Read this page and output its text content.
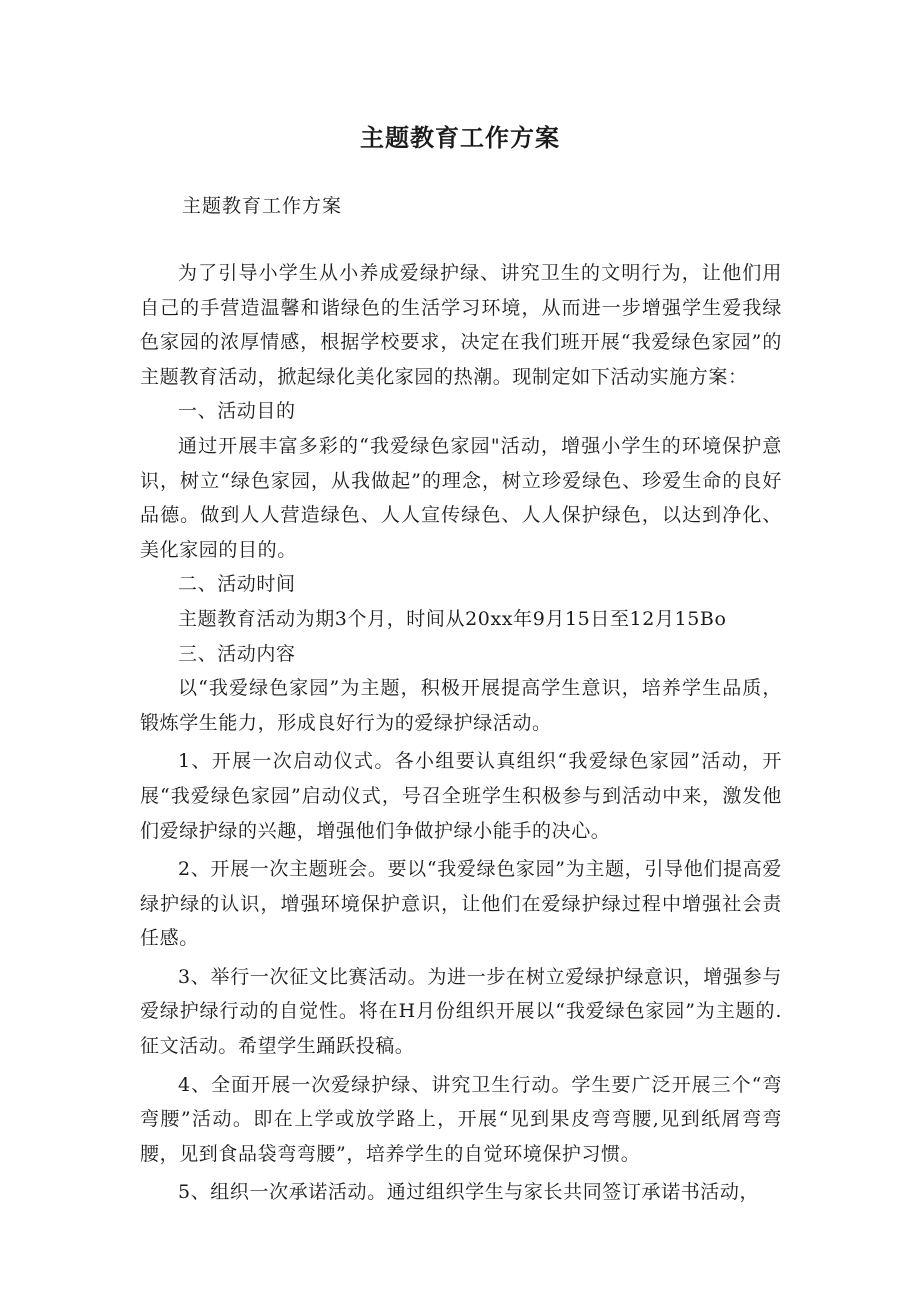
主题教育工作方案

主题教育工作方案

为了引导小学生从小养成爱绿护绿、讲究卫生的文明行为，让他们用自己的手营造温馨和谐绿色的生活学习环境，从而进一步增强学生爱我绿色家园的浓厚情感，根据学校要求，决定在我们班开展“我爱绿色家园”的主题教育活动，掀起绿化美化家园的热潮。现制定如下活动实施方案：

一、活动目的

通过开展丰富多彩的“我爱绿色家园"活动，增强小学生的环境保护意识，树立“绿色家园，从我做起”的理念，树立珍爱绿色、珍爱生命的良好品德。做到人人营造绿色、人人宣传绿色、人人保护绿色，以达到净化、美化家园的目的。

二、活动时间

主题教育活动为期3个月，时间从20xx年9月15日至12月15Bo

三、活动内容

以“我爱绿色家园”为主题，积极开展提高学生意识，培养学生品质，锻炼学生能力，形成良好行为的爱绿护绿活动。

1、开展一次启动仪式。各小组要认真组织“我爱绿色家园”活动，开展“我爱绿色家园”启动仪式，号召全班学生积极参与到活动中来，激发他们爱绿护绿的兴趣，增强他们争做护绿小能手的决心。

2、开展一次主题班会。要以“我爱绿色家园”为主题，引导他们提高爱绿护绿的认识，增强环境保护意识，让他们在爱绿护绿过程中增强社会责任感。

3、举行一次征文比赛活动。为进一步在树立爱绿护绿意识，增强参与爱绿护绿行动的自觉性。将在H月份组织开展以“我爱绿色家园”为主题的.征文活动。希望学生踊跃投稿。

4、全面开展一次爱绿护绿、讲究卫生行动。学生要广泛开展三个“弯弯腰”活动。即在上学或放学路上，开展“见到果皮弯弯腰,见到纸屑弯弯腰，见到食品袋弯弯腰”，培养学生的自觉环境保护习惯。

5、组织一次承诺活动。通过组织学生与家长共同签订承诺书活动，
